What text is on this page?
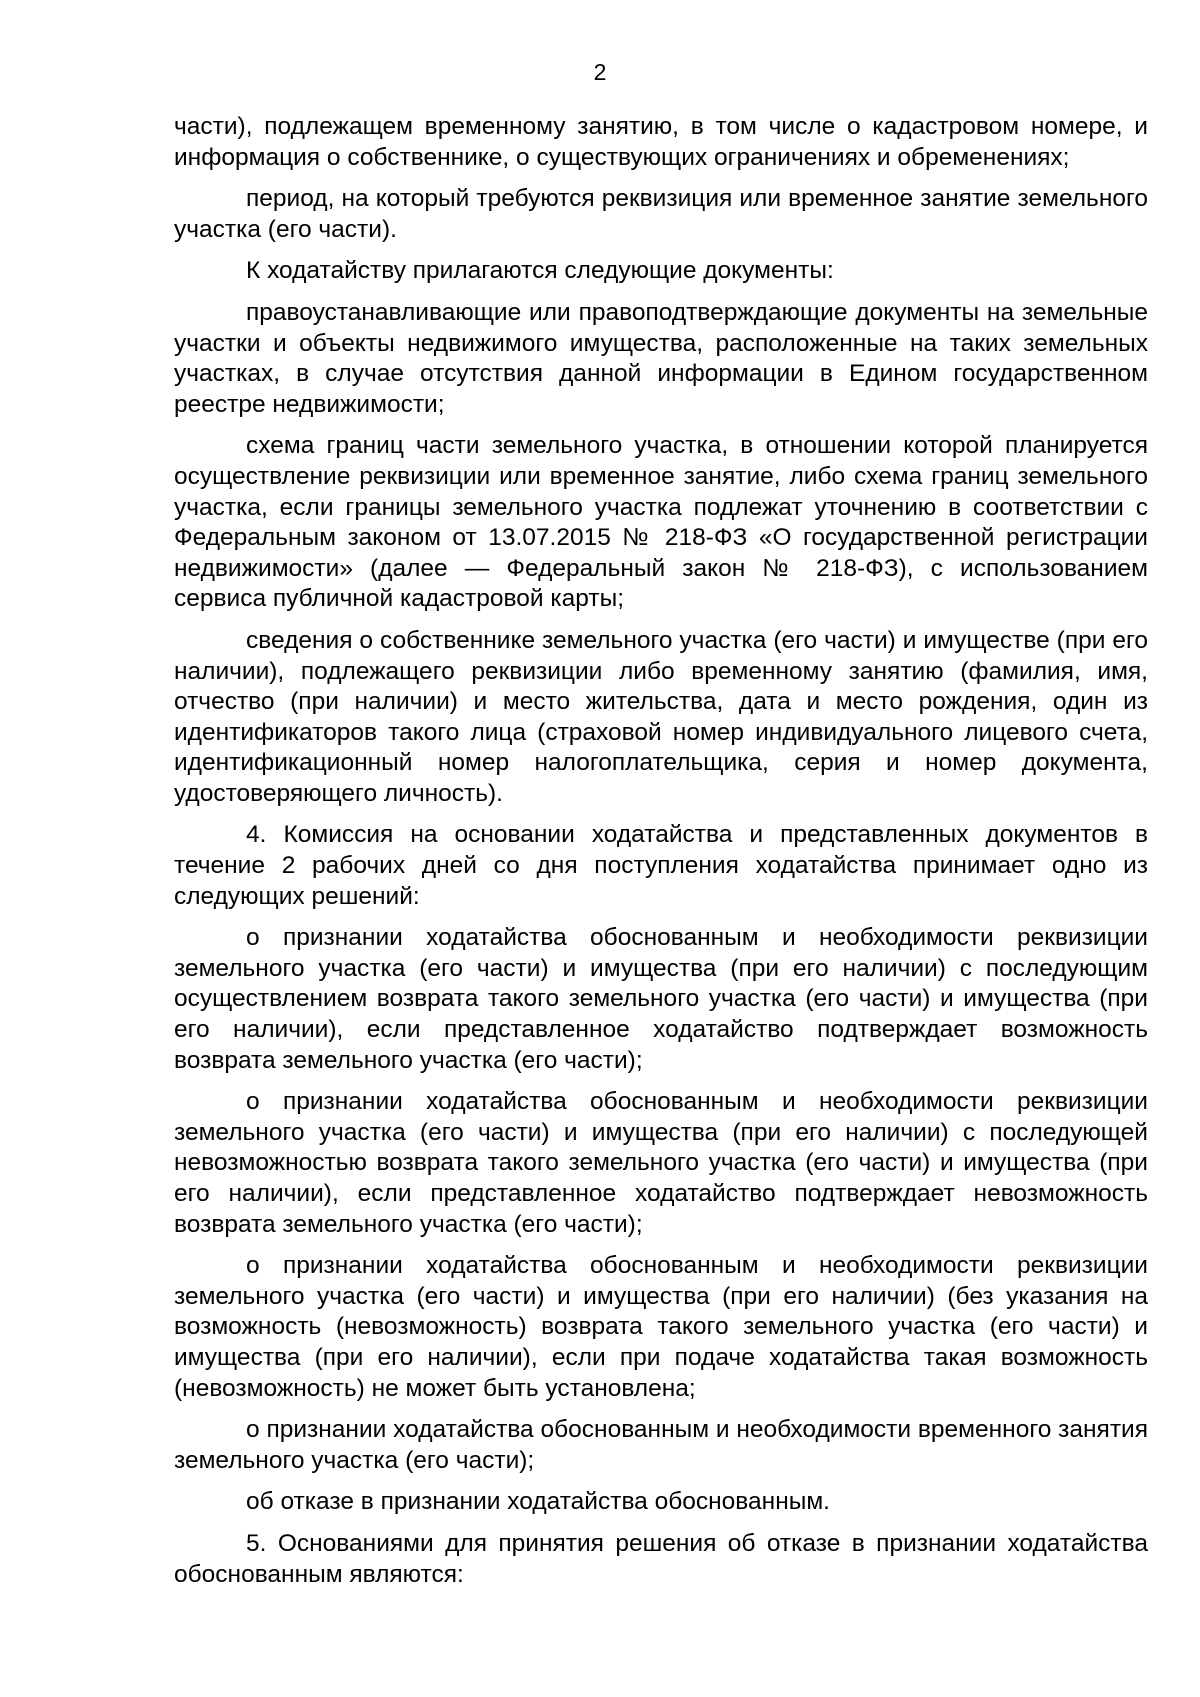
2

части), подлежащем временному занятию, в том числе о кадастровом номере, и информация о собственнике, о существующих ограничениях и обременениях;

период, на который требуются реквизиция или временное занятие земельного участка (его части).

К ходатайству прилагаются следующие документы:

правоустанавливающие или правоподтверждающие документы на земельные участки и объекты недвижимого имущества, расположенные на таких земельных участках, в случае отсутствия данной информации в Едином государственном реестре недвижимости;

схема границ части земельного участка, в отношении которой планируется осуществление реквизиции или временное занятие, либо схема границ земельного участка, если границы земельного участка подлежат уточнению в соответствии с Федеральным законом от 13.07.2015 № 218-ФЗ «О государственной регистрации недвижимости» (далее — Федеральный закон № 218-ФЗ), с использованием сервиса публичной кадастровой карты;

сведения о собственнике земельного участка (его части) и имуществе (при его наличии), подлежащего реквизиции либо временному занятию (фамилия, имя, отчество (при наличии) и место жительства, дата и место рождения, один из идентификаторов такого лица (страховой номер индивидуального лицевого счета, идентификационный номер налогоплательщика, серия и номер документа, удостоверяющего личность).

4. Комиссия на основании ходатайства и представленных документов в течение 2 рабочих дней со дня поступления ходатайства принимает одно из следующих решений:

о признании ходатайства обоснованным и необходимости реквизиции земельного участка (его части) и имущества (при его наличии) с последующим осуществлением возврата такого земельного участка (его части) и имущества (при его наличии), если представленное ходатайство подтверждает возможность возврата земельного участка (его части);

о признании ходатайства обоснованным и необходимости реквизиции земельного участка (его части) и имущества (при его наличии) с последующей невозможностью возврата такого земельного участка (его части) и имущества (при его наличии), если представленное ходатайство подтверждает невозможность возврата земельного участка (его части);

о признании ходатайства обоснованным и необходимости реквизиции земельного участка (его части) и имущества (при его наличии) (без указания на возможность (невозможность) возврата такого земельного участка (его части) и имущества (при его наличии), если при подаче ходатайства такая возможность (невозможность) не может быть установлена;

о признании ходатайства обоснованным и необходимости временного занятия земельного участка (его части);

об отказе в признании ходатайства обоснованным.

5. Основаниями для принятия решения об отказе в признании ходатайства обоснованным являются:
